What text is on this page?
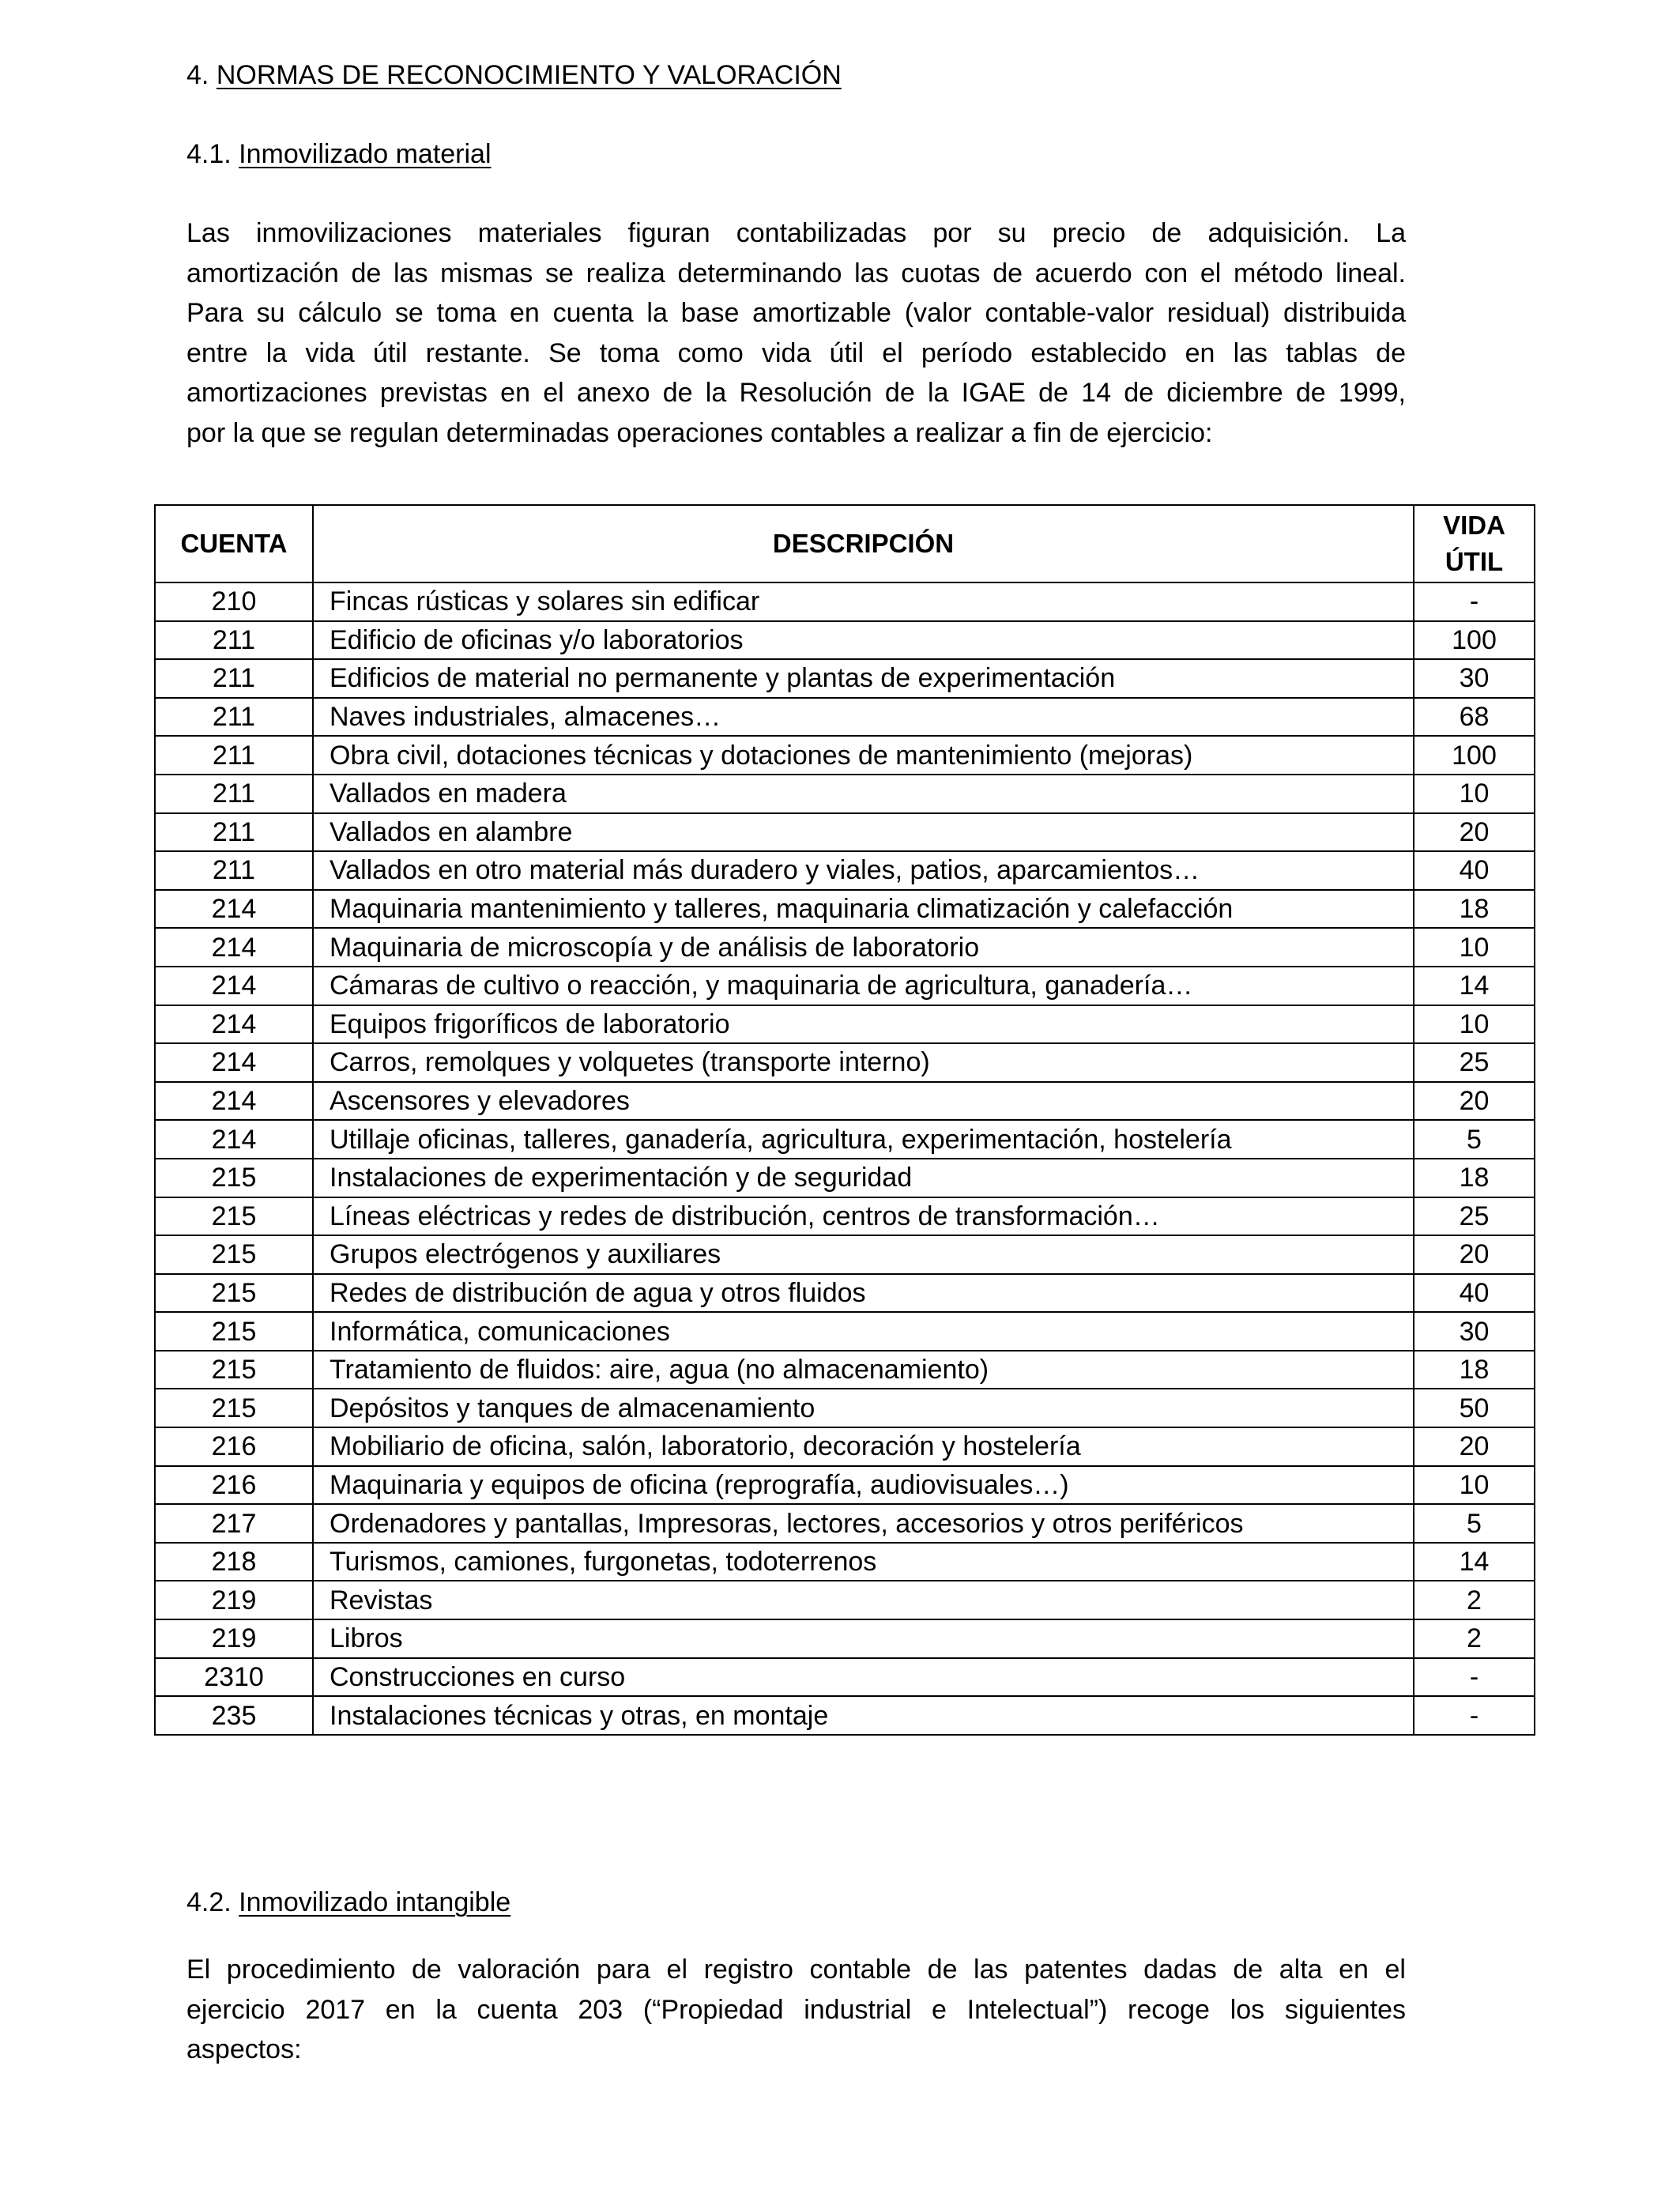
4. NORMAS DE RECONOCIMIENTO Y VALORACIÓN
4.1. Inmovilizado material
Las inmovilizaciones materiales figuran contabilizadas por su precio de adquisición. La
amortización de las mismas se realiza determinando las cuotas de acuerdo con el método lineal.
Para su cálculo se toma en cuenta la base amortizable (valor contable-valor residual) distribuida
entre la vida útil restante. Se toma como vida útil el período establecido en las tablas de
amortizaciones previstas en el anexo de la Resolución de la IGAE de 14 de diciembre de 1999,
por la que se regulan determinadas operaciones contables a realizar a fin de ejercicio:
CUENTA	DESCRIPCIÓN	VIDA
ÚTIL
210	Fincas rústicas y solares sin edificar	-
211	Edificio de oficinas y/o laboratorios	100
211	Edificios de material no permanente y plantas de experimentación	30
211	Naves industriales, almacenes…	68
211	Obra civil, dotaciones técnicas y dotaciones de mantenimiento (mejoras)	100
211	Vallados en madera	10
211	Vallados en alambre	20
211	Vallados en otro material más duradero y viales, patios, aparcamientos…	40
214	Maquinaria mantenimiento y talleres, maquinaria climatización y calefacción	18
214	Maquinaria de microscopía y de análisis de laboratorio	10
214	Cámaras de cultivo o reacción, y maquinaria de agricultura, ganadería…	14
214	Equipos frigoríficos de laboratorio	10
214	Carros, remolques y volquetes (transporte interno)	25
214	Ascensores y elevadores	20
214	Utillaje oficinas, talleres, ganadería, agricultura, experimentación, hostelería	5
215	Instalaciones de experimentación y de seguridad	18
215	Líneas eléctricas y redes de distribución, centros de transformación…	25
215	Grupos electrógenos y auxiliares	20
215	Redes de distribución de agua y otros fluidos	40
215	Informática, comunicaciones	30
215	Tratamiento de fluidos: aire, agua (no almacenamiento)	18
215	Depósitos y tanques de almacenamiento	50
216	Mobiliario de oficina, salón, laboratorio, decoración y hostelería	20
216	Maquinaria y equipos de oficina (reprografía, audiovisuales…)	10
217	Ordenadores y pantallas, Impresoras, lectores, accesorios y otros periféricos	5
218	Turismos, camiones, furgonetas, todoterrenos	14
219	Revistas	2
219	Libros	2
2310	Construcciones en curso	-
235	Instalaciones técnicas y otras, en montaje	-
4.2. Inmovilizado intangible
El procedimiento de valoración para el registro contable de las patentes dadas de alta en el
ejercicio 2017 en la cuenta 203 (“Propiedad industrial e Intelectual”) recoge los siguientes
aspectos:
